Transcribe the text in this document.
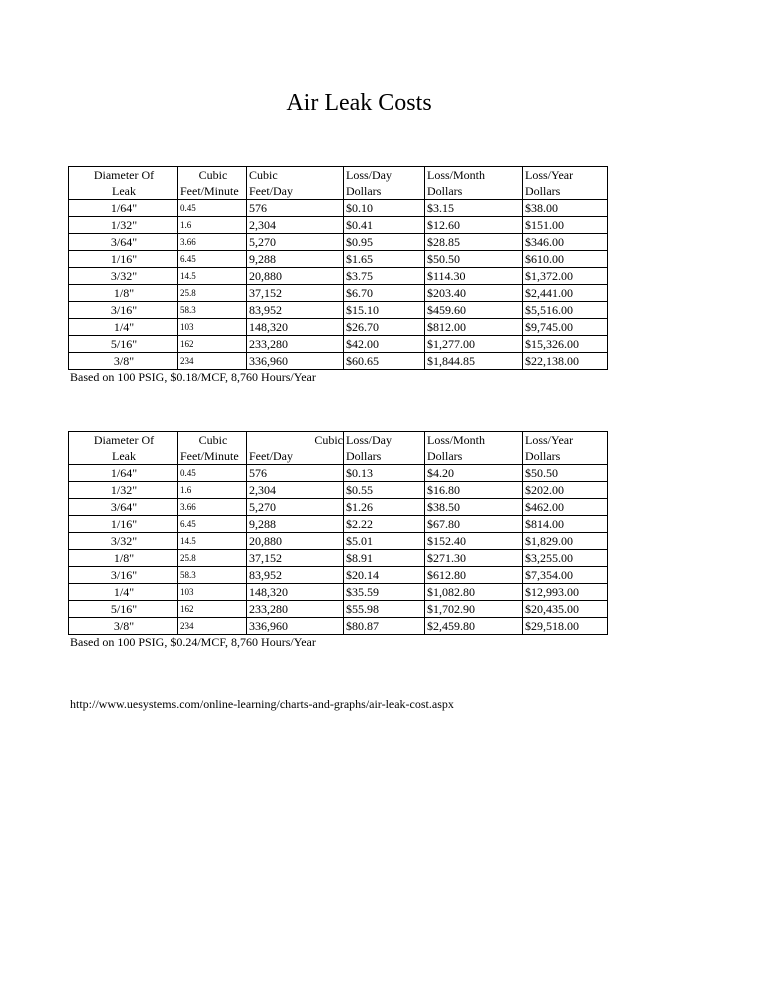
Air Leak Costs
Diameter Of	Cubic	Cubic	Loss/Day	Loss/Month	Loss/Year
Leak	Feet/Minute	Feet/Day	Dollars	Dollars	Dollars
1/64"	0.45	576	$0.10	$3.15	$38.00
1/32"	1.6	2,304	$0.41	$12.60	$151.00
3/64"	3.66	5,270	$0.95	$28.85	$346.00
1/16"	6.45	9,288	$1.65	$50.50	$610.00
3/32"	14.5	20,880	$3.75	$114.30	$1,372.00
1/8"	25.8	37,152	$6.70	$203.40	$2,441.00
3/16"	58.3	83,952	$15.10	$459.60	$5,516.00
1/4"	103	148,320	$26.70	$812.00	$9,745.00
5/16"	162	233,280	$42.00	$1,277.00	$15,326.00
3/8"	234	336,960	$60.65	$1,844.85	$22,138.00
Based on 100 PSIG, $0.18/MCF, 8,760 Hours/Year
Diameter Of	Cubic	Cubic	Loss/Day	Loss/Month	Loss/Year
Leak	Feet/Minute	Feet/Day	Dollars	Dollars	Dollars
1/64"	0.45	576	$0.13	$4.20	$50.50
1/32"	1.6	2,304	$0.55	$16.80	$202.00
3/64"	3.66	5,270	$1.26	$38.50	$462.00
1/16"	6.45	9,288	$2.22	$67.80	$814.00
3/32"	14.5	20,880	$5.01	$152.40	$1,829.00
1/8"	25.8	37,152	$8.91	$271.30	$3,255.00
3/16"	58.3	83,952	$20.14	$612.80	$7,354.00
1/4"	103	148,320	$35.59	$1,082.80	$12,993.00
5/16"	162	233,280	$55.98	$1,702.90	$20,435.00
3/8"	234	336,960	$80.87	$2,459.80	$29,518.00
Based on 100 PSIG, $0.24/MCF, 8,760 Hours/Year
http://www.uesystems.com/online-learning/charts-and-graphs/air-leak-cost.aspx
